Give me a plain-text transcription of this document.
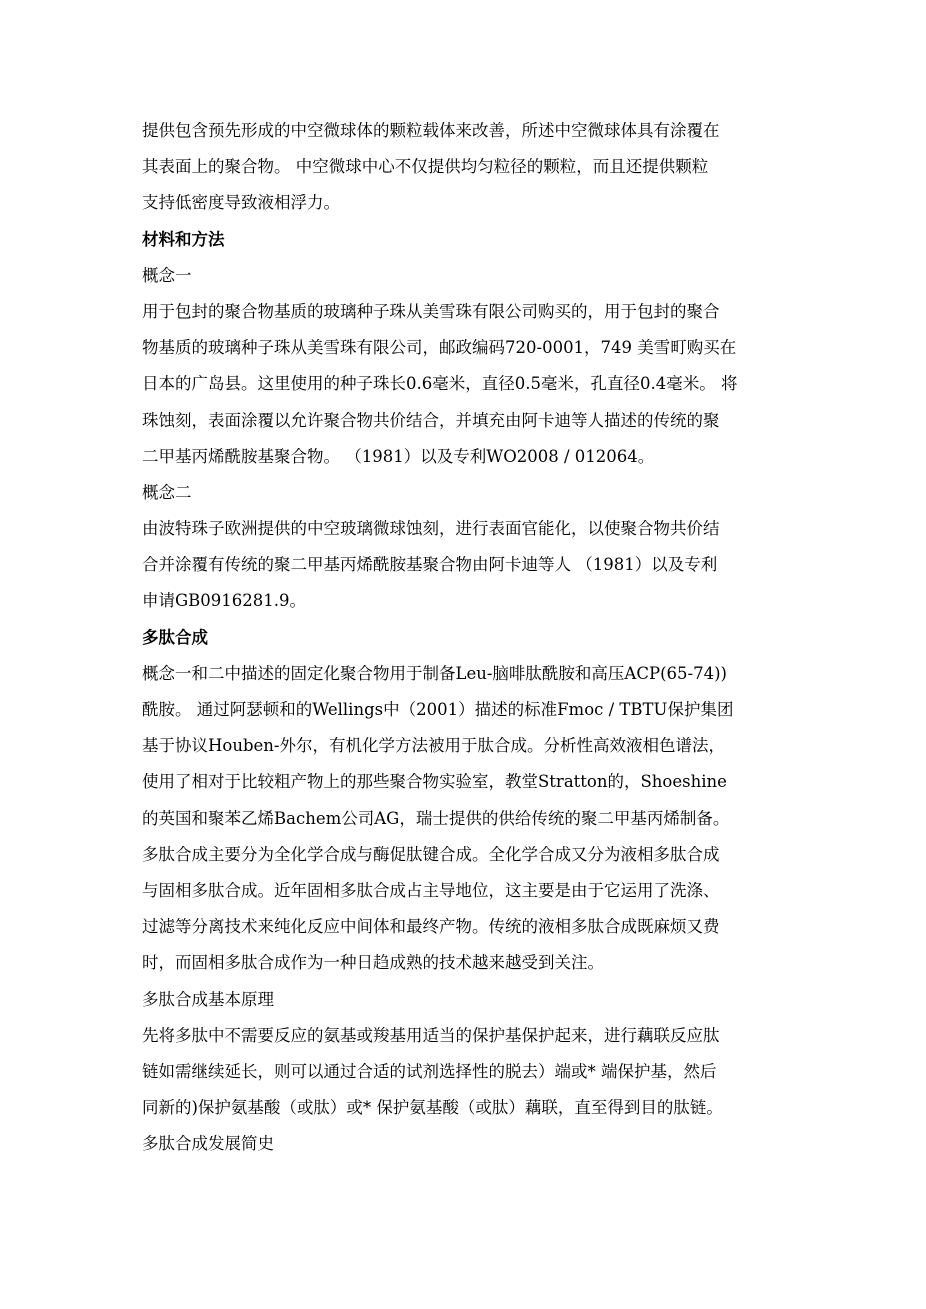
提供包含预先形成的中空微球体的颗粒载体来改善，所述中空微球体具有涂覆在
其表面上的聚合物。 中空微球中心不仅提供均匀粒径的颗粒，而且还提供颗粒
支持低密度导致液相浮力。
材料和方法
概念一
用于包封的聚合物基质的玻璃种子珠从美雪珠有限公司购买的，用于包封的聚合
物基质的玻璃种子珠从美雪珠有限公司，邮政编码720-0001，749 美雪町购买在
日本的广岛县。这里使用的种子珠长0.6毫米，直径0.5毫米，孔直径0.4毫米。 将
珠蚀刻，表面涂覆以允许聚合物共价结合，并填充由阿卡迪等人描述的传统的聚
二甲基丙烯酰胺基聚合物。 （1981）以及专利WO2008 / 012064。
概念二
由波特珠子欧洲提供的中空玻璃微球蚀刻，进行表面官能化，以使聚合物共价结
合并涂覆有传统的聚二甲基丙烯酰胺基聚合物由阿卡迪等人 （1981）以及专利
申请GB0916281.9。
多肽合成
概念一和二中描述的固定化聚合物用于制备Leu-脑啡肽酰胺和高压ACP(65-74))
酰胺。 通过阿瑟顿和的Wellings中（2001）描述的标准Fmoc / TBTU保护集团
基于协议Houben-外尔，有机化学方法被用于肽合成。分析性高效液相色谱法，
使用了相对于比较粗产物上的那些聚合物实验室，教堂Stratton的，Shoeshine
的英国和聚苯乙烯Bachem公司AG，瑞士提供的供给传统的聚二甲基丙烯制备。
多肽合成主要分为全化学合成与酶促肽键合成。全化学合成又分为液相多肽合成
与固相多肽合成。近年固相多肽合成占主导地位，这主要是由于它运用了洗涤、
过滤等分离技术来纯化反应中间体和最终产物。传统的液相多肽合成既麻烦又费
时，而固相多肽合成作为一种日趋成熟的技术越来越受到关注。
多肽合成基本原理
先将多肽中不需要反应的氨基或羧基用适当的保护基保护起来，进行藕联反应肽
链如需继续延长，则可以通过合适的试剂选择性的脱去）端或* 端保护基，然后
同新的)保护氨基酸（或肽）或* 保护氨基酸（或肽）藕联，直至得到目的肽链。
多肽合成发展简史
